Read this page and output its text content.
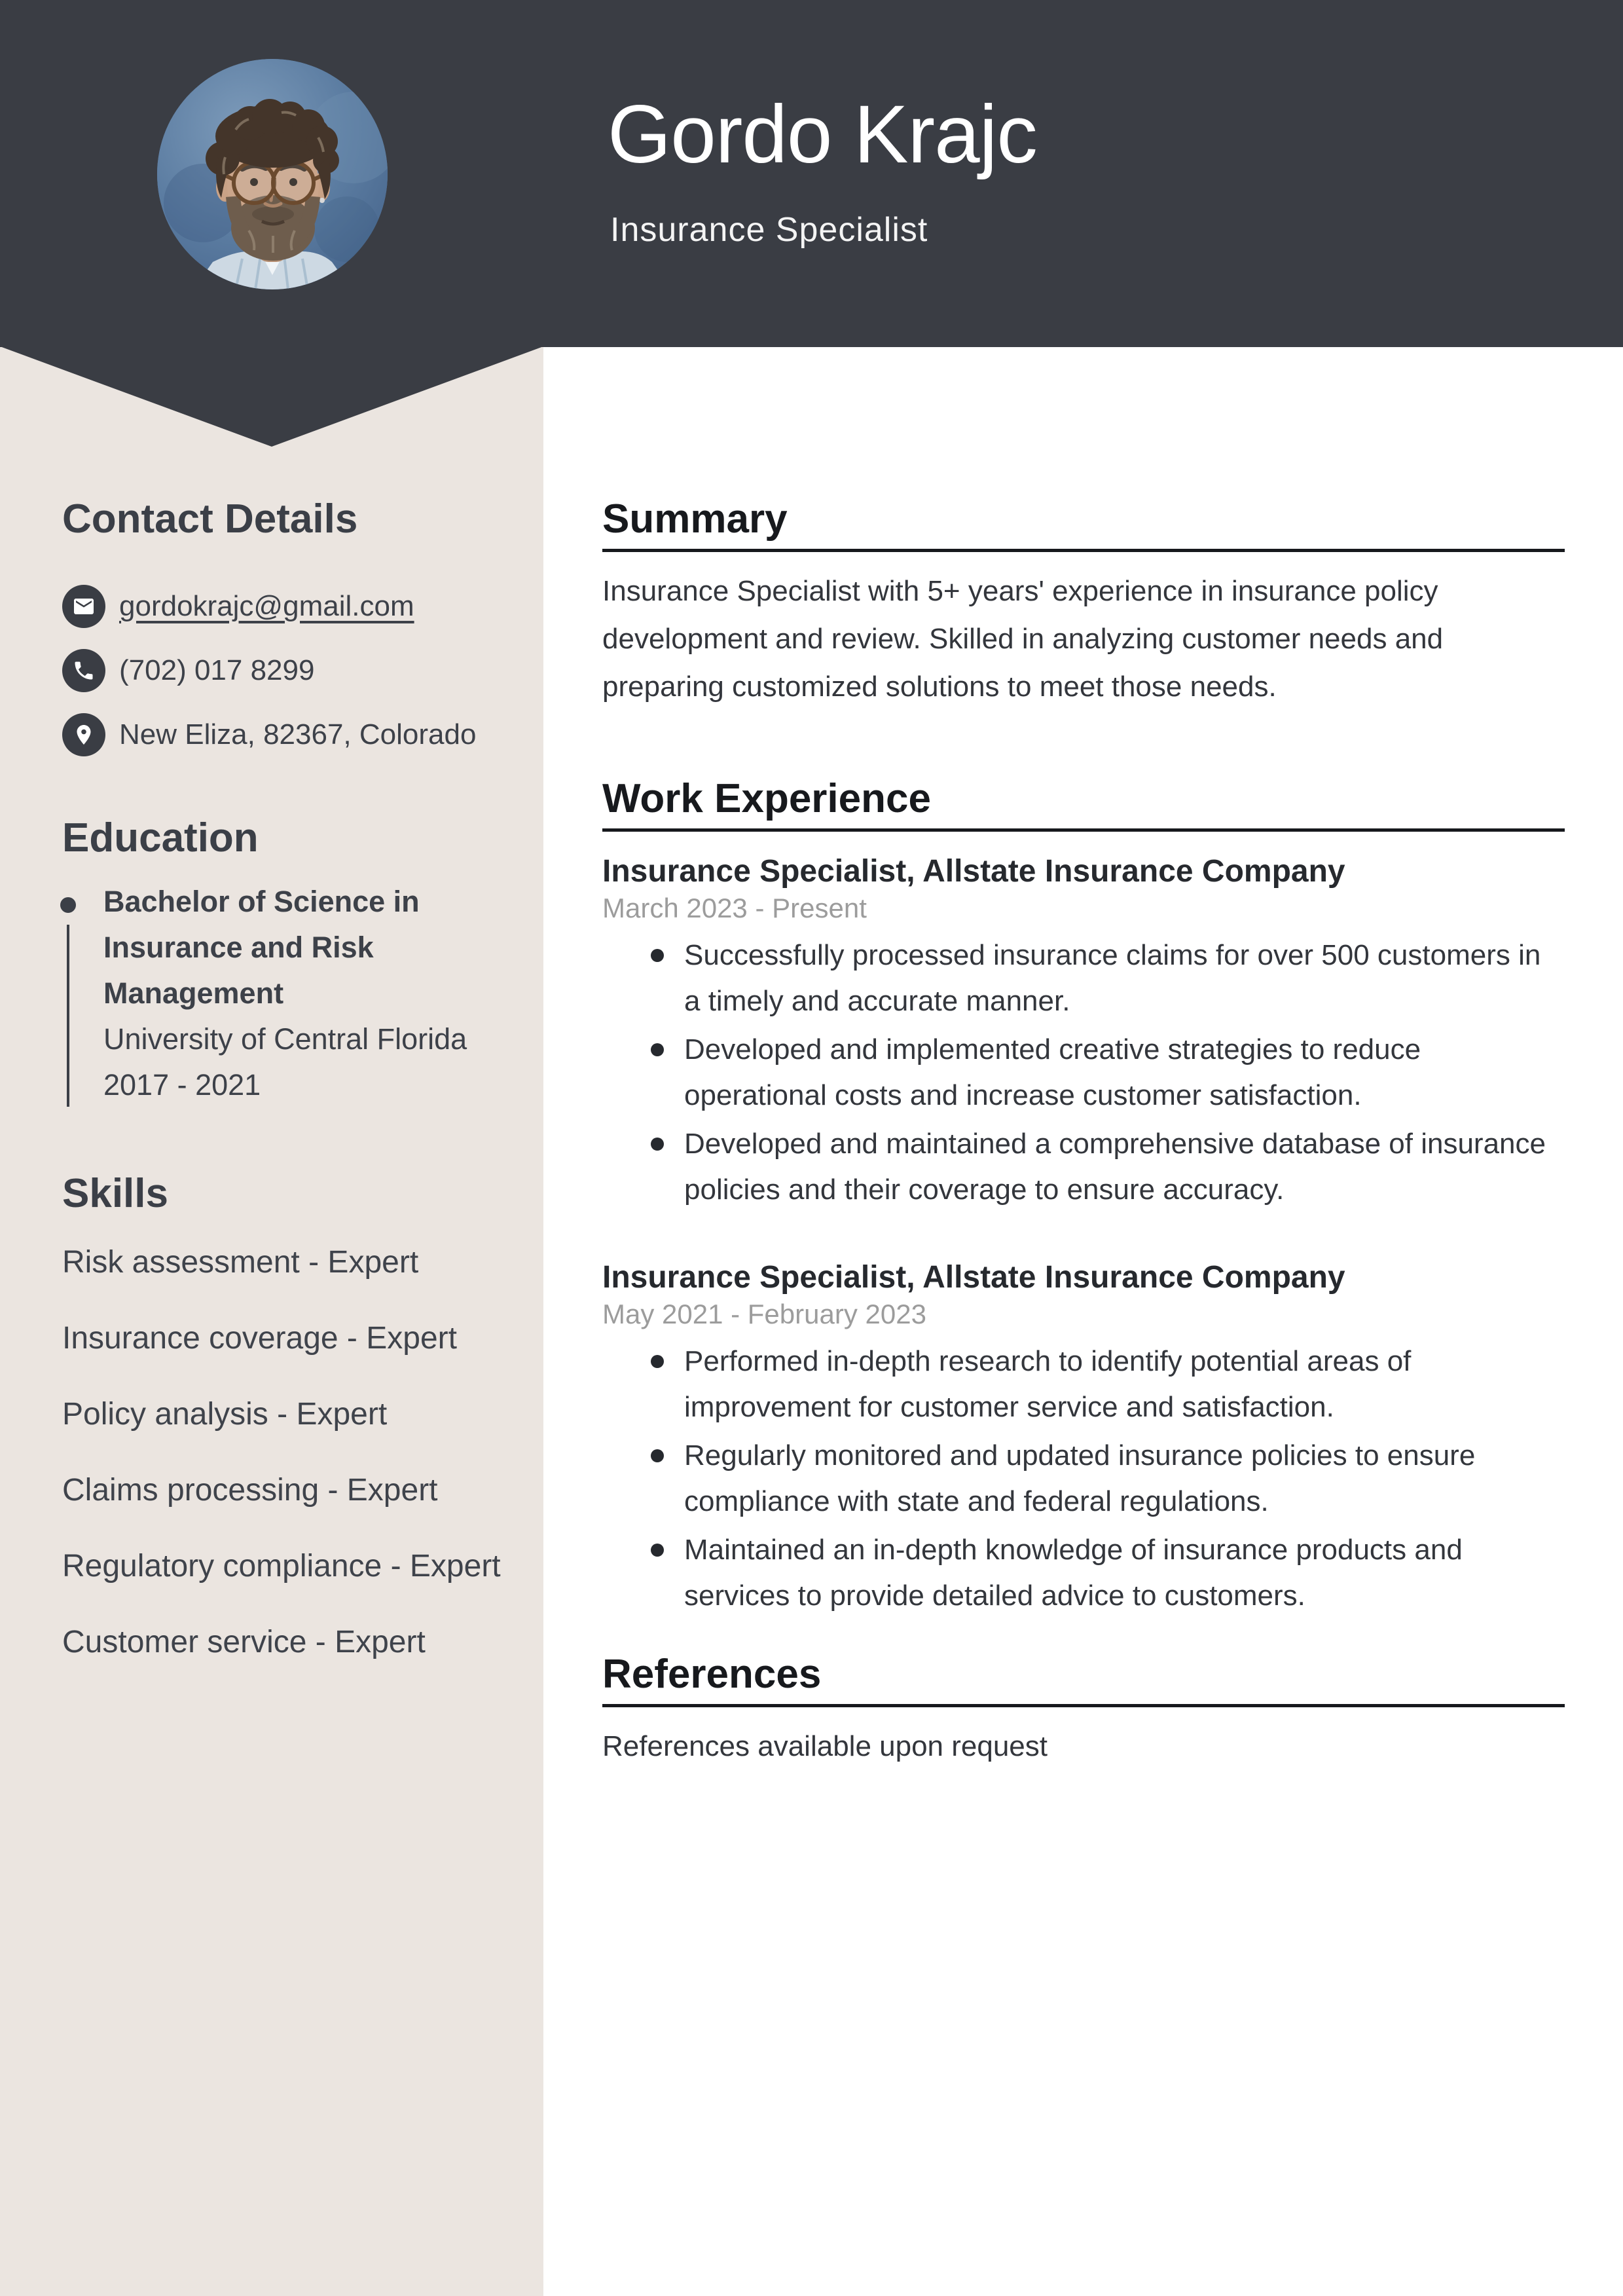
Gordo Krajc
Insurance Specialist
Contact Details
gordokrajc@gmail.com
(702) 017 8299
New Eliza, 82367, Colorado
Education
Bachelor of Science in Insurance and Risk Management
University of Central Florida
2017 - 2021
Skills
Risk assessment - Expert
Insurance coverage - Expert
Policy analysis - Expert
Claims processing - Expert
Regulatory compliance - Expert
Customer service - Expert
Summary

Insurance Specialist with 5+ years' experience in insurance policy development and review. Skilled in analyzing customer needs and preparing customized solutions to meet those needs.

Work Experience
Insurance Specialist, Allstate Insurance Company

March 2023 - Present

Successfully processed insurance claims for over 500 customers in a timely and accurate manner.
Developed and implemented creative strategies to reduce operational costs and increase customer satisfaction.
Developed and maintained a comprehensive database of insurance policies and their coverage to ensure accuracy.
Insurance Specialist, Allstate Insurance Company

May 2021 - February 2023

Performed in-depth research to identify potential areas of improvement for customer service and satisfaction.
Regularly monitored and updated insurance policies to ensure compliance with state and federal regulations.
Maintained an in-depth knowledge of insurance products and services to provide detailed advice to customers.
References

References available upon request
